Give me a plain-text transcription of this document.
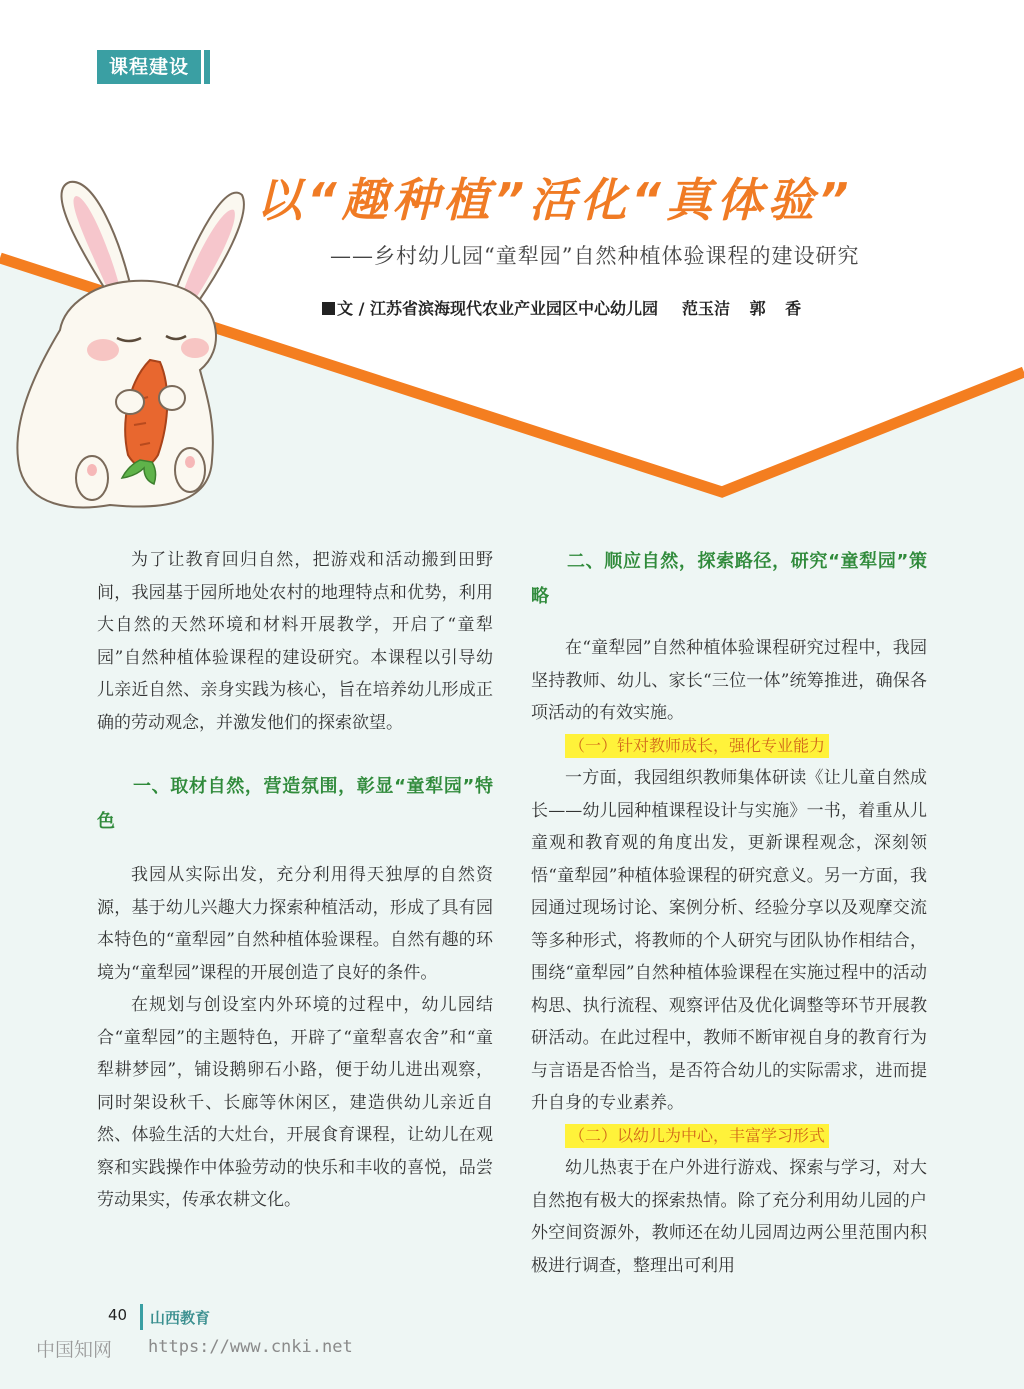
课程建设
以“趣种植”活化“真体验”
——乡村幼儿园“童犁园”自然种植体验课程的建设研究
文 / 江苏省滨海现代农业产业园区中心幼儿园 范玉洁 郭 香

为了让教育回归自然，把游戏和活动搬到田野间，我园基于园所地处农村的地理特点和优势，利用大自然的天然环境和材料开展教学，开启了“童犁园”自然种植体验课程的建设研究。本课程以引导幼儿亲近自然、亲身实践为核心，旨在培养幼儿形成正确的劳动观念，并激发他们的探索欲望。

一、取材自然，营造氛围，彰显“童犁园”特色

我园从实际出发，充分利用得天独厚的自然资源，基于幼儿兴趣大力探索种植活动，形成了具有园本特色的“童犁园”自然种植体验课程。自然有趣的环境为“童犁园”课程的开展创造了良好的条件。

在规划与创设室内外环境的过程中，幼儿园结合“童犁园”的主题特色，开辟了“童犁喜农舍”和“童犁耕梦园”，铺设鹅卵石小路，便于幼儿进出观察，同时架设秋千、长廊等休闲区，建造供幼儿亲近自然、体验生活的大灶台，开展食育课程，让幼儿在观察和实践操作中体验劳动的快乐和丰收的喜悦，品尝劳动果实，传承农耕文化。

二、顺应自然，探索路径，研究“童犁园”策略

在“童犁园”自然种植体验课程研究过程中，我园坚持教师、幼儿、家长“三位一体”统筹推进，确保各项活动的有效实施。

（一）针对教师成长，强化专业能力

一方面，我园组织教师集体研读《让儿童自然成长——幼儿园种植课程设计与实施》一书，着重从儿童观和教育观的角度出发，更新课程观念，深刻领悟“童犁园”种植体验课程的研究意义。另一方面，我园通过现场讨论、案例分析、经验分享以及观摩交流等多种形式，将教师的个人研究与团队协作相结合，围绕“童犁园”自然种植体验课程在实施过程中的活动构思、执行流程、观察评估及优化调整等环节开展教研活动。在此过程中，教师不断审视自身的教育行为与言语是否恰当，是否符合幼儿的实际需求，进而提升自身的专业素养。

（二）以幼儿为中心，丰富学习形式

幼儿热衷于在户外进行游戏、探索与学习，对大自然抱有极大的探索热情。除了充分利用幼儿园的户外空间资源外，教师还在幼儿园周边两公里范围内积极进行调查，整理出可利用

40 山西教育
中国知网 https://www.cnki.net
